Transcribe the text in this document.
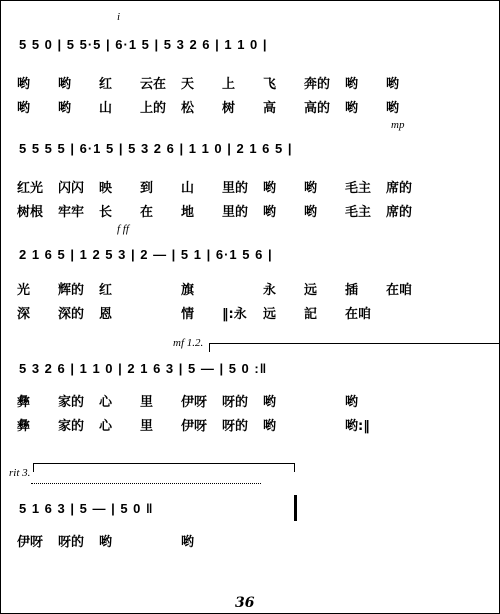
i
5 5 0 | 5 5·5 | 6·1 5 | 5 3 2 6 | 1 1 0 |
哟 哟 红 云在 天 上 飞 奔的 哟 哟
哟 哟 山 上的 松 树 高 高的 哟 哟
mp
5 5 5 5 | 6·1 5 | 5 3 2 6 | 1 1 0 | 2 1 6 5 |
红光 闪闪 映 到 山 里的 哟 哟 毛主 席的
树根 牢牢 长 在 地 里的 哟 哟 毛主 席的
f ff
2 1 6 5 | 1 2 5 3 | 2 — | 5 1 | 6·1 5 6 |
光 辉的 红	旗	永 远 插 在咱
深 深的 恩	情 ‖:永 远 記 在咱
mf 1.2.
5 3 2 6 | 1 1 0 | 2 1 6 3 | 5 — | 5 0 :‖
彝 家的 心 里 伊呀 呀的 哟	哟
彝 家的 心 里 伊呀 呀的 哟	哟:‖
rit 3.
5 1 6 3 | 5 — | 5 0 ‖
伊呀 呀的 哟	哟
36
